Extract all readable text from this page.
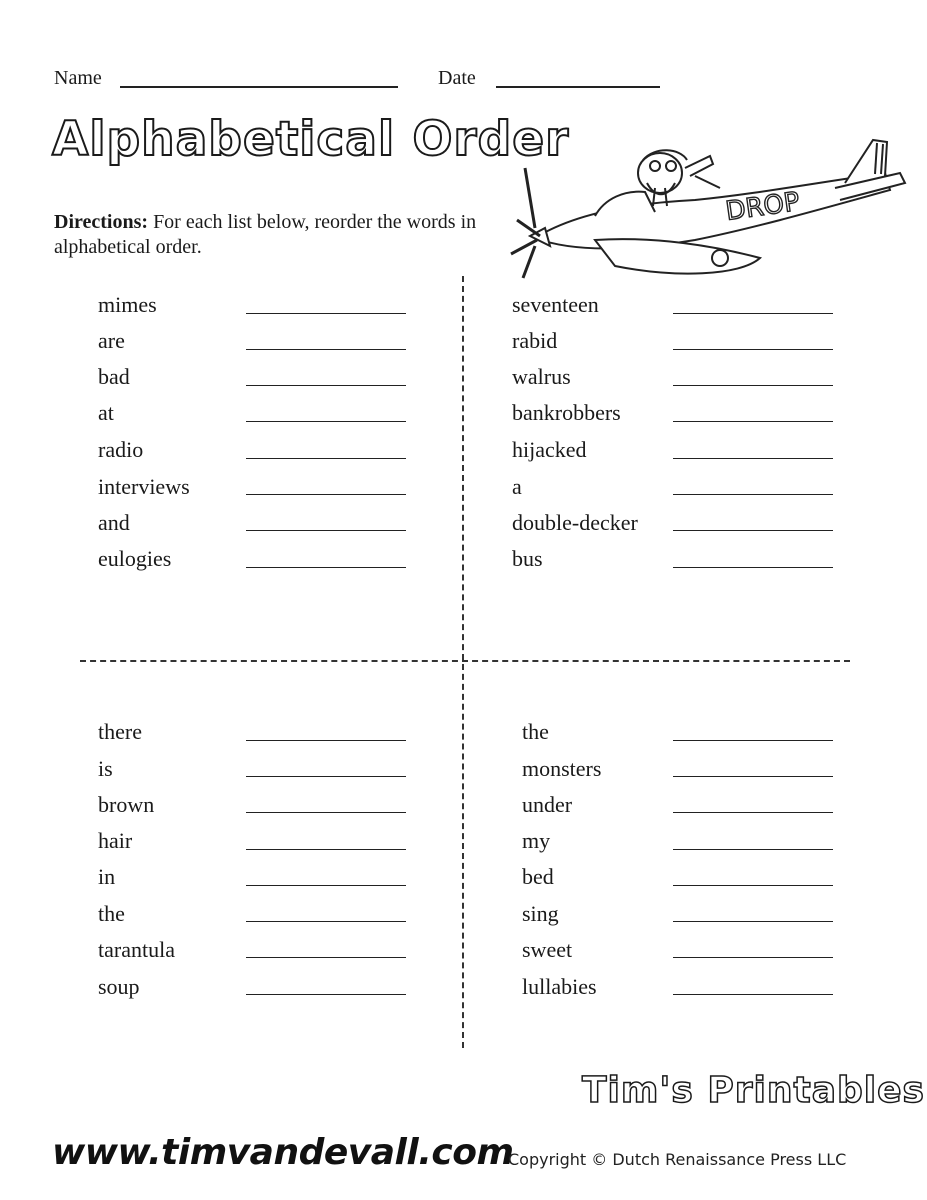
Name	Date
Alphabetical Order
Directions: For each list below, reorder the words in alphabetical order.
DROP
mimes
are
bad
at
radio
interviews
and
eulogies
seventeen
rabid
walrus
bankrobbers
hijacked
a
double-decker
bus
there
is
brown
hair
in
the
tarantula
soup
the
monsters
under
my
bed
sing
sweet
lullabies
Tim's Printables
www.timvandevall.com
Copyright © Dutch Renaissance Press LLC
